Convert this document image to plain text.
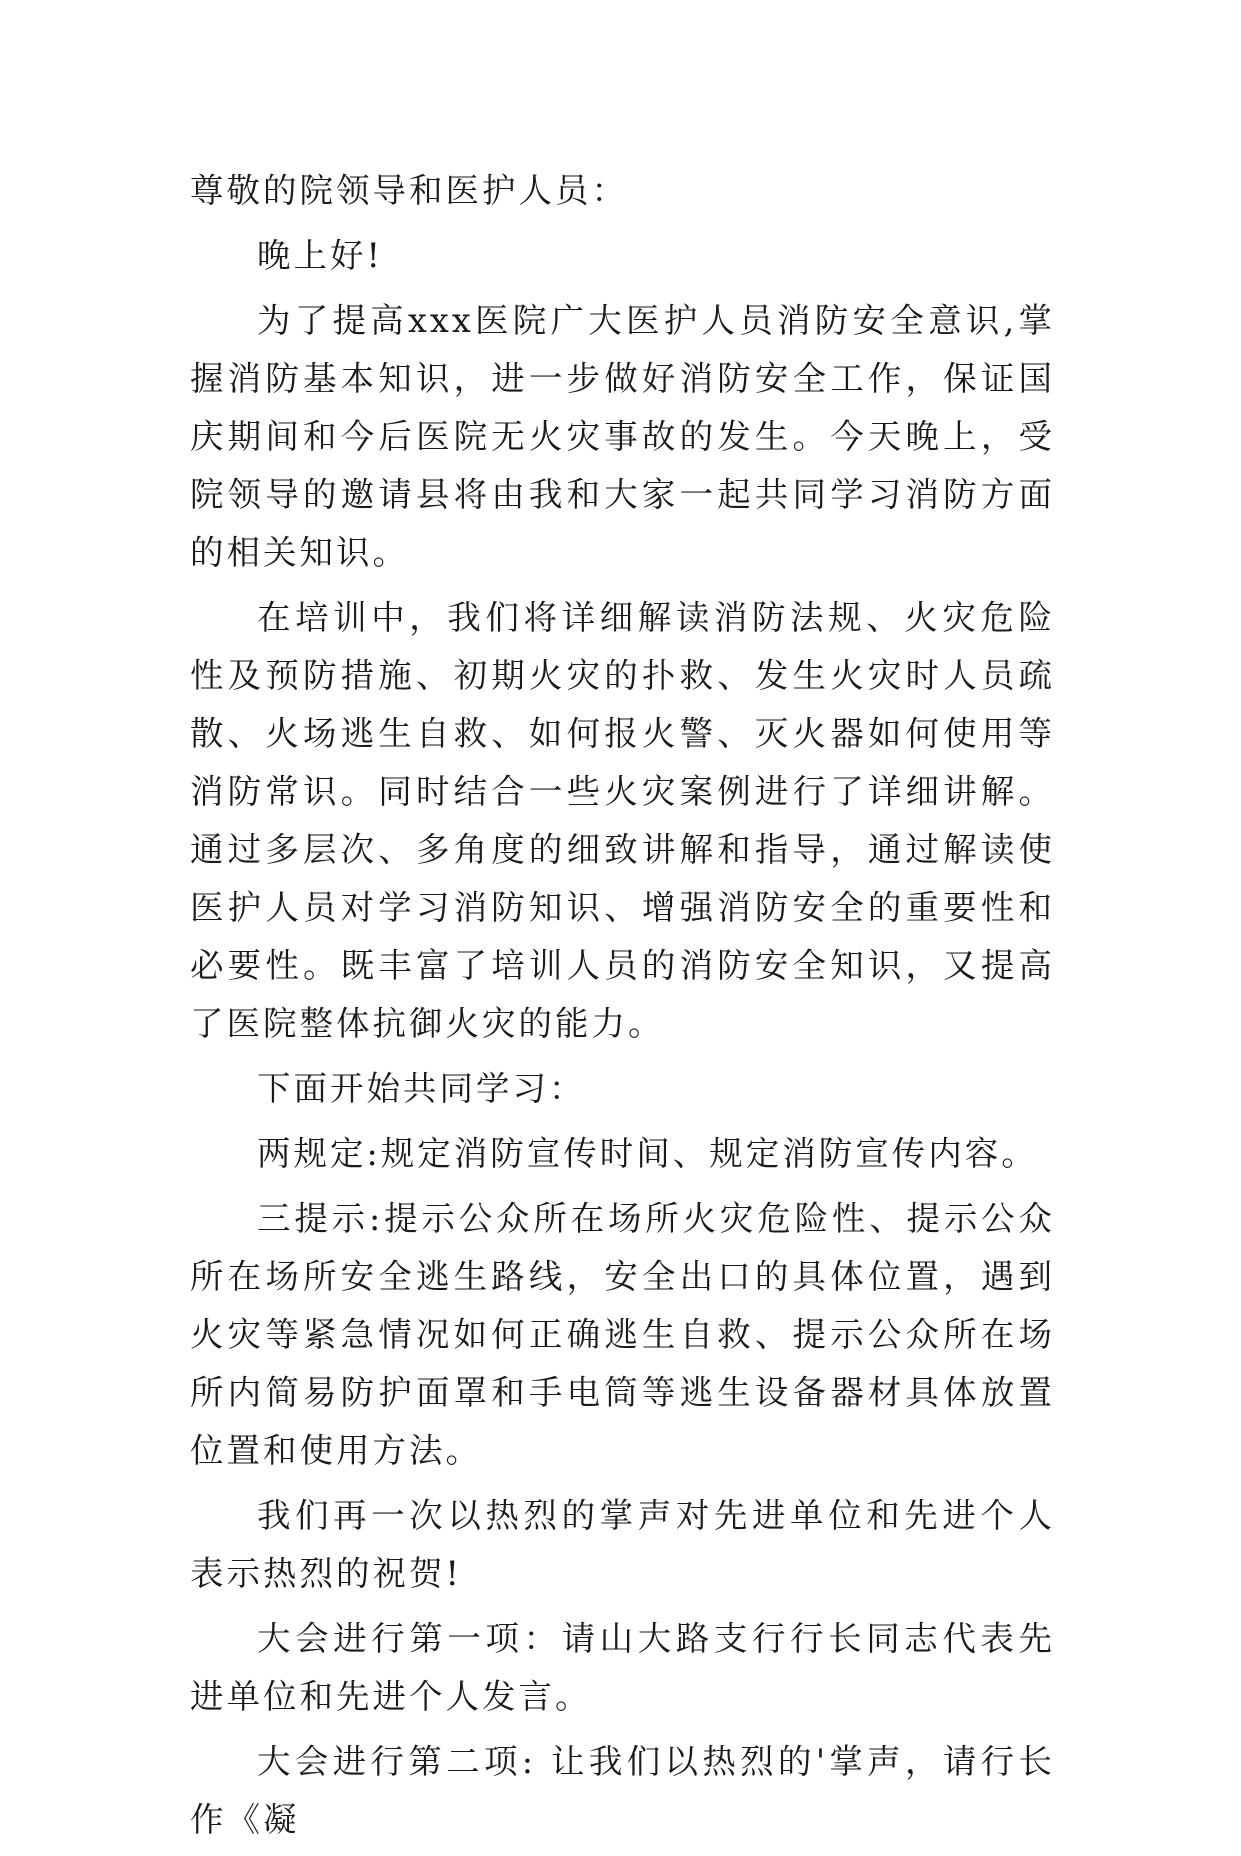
尊敬的院领导和医护人员：

晚上好!

为了提高xxx医院广大医护人员消防安全意识,掌握消防基本知识，进一步做好消防安全工作，保证国庆期间和今后医院无火灾事故的发生。今天晚上，受院领导的邀请县将由我和大家一起共同学习消防方面的相关知识。

在培训中，我们将详细解读消防法规、火灾危险性及预防措施、初期火灾的扑救、发生火灾时人员疏散、火场逃生自救、如何报火警、灭火器如何使用等消防常识。同时结合一些火灾案例进行了详细讲解。通过多层次、多角度的细致讲解和指导，通过解读使医护人员对学习消防知识、增强消防安全的重要性和必要性。既丰富了培训人员的消防安全知识，又提高了医院整体抗御火灾的能力。

下面开始共同学习：

两规定:规定消防宣传时间、规定消防宣传内容。

三提示:提示公众所在场所火灾危险性、提示公众所在场所安全逃生路线，安全出口的具体位置，遇到火灾等紧急情况如何正确逃生自救、提示公众所在场所内简易防护面罩和手电筒等逃生设备器材具体放置位置和使用方法。

我们再一次以热烈的掌声对先进单位和先进个人表示热烈的祝贺!

大会进行第一项：请山大路支行行长同志代表先进单位和先进个人发言。

大会进行第二项: 让我们以热烈的'掌声，请行长作《凝
